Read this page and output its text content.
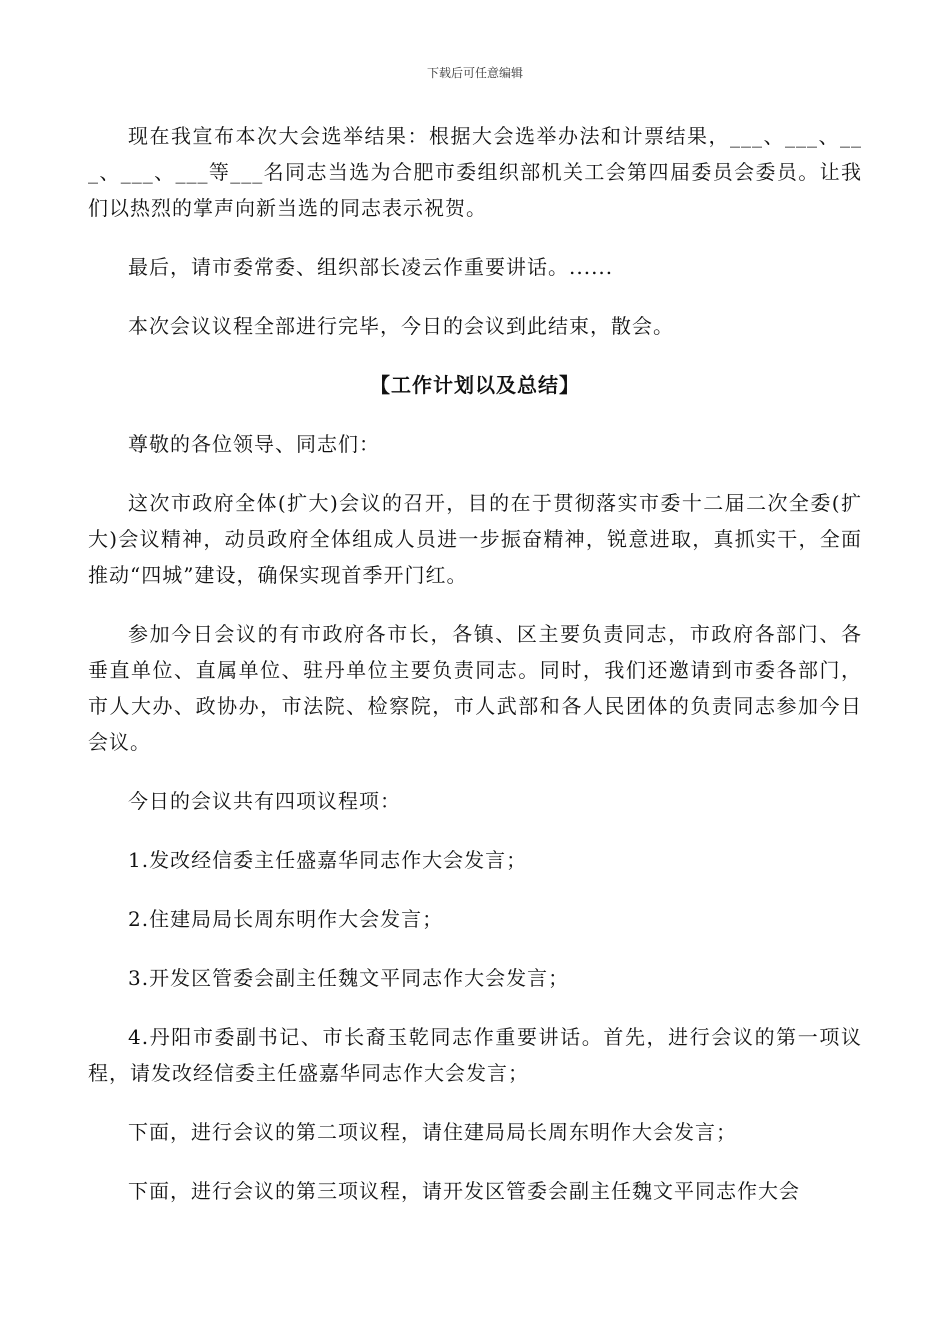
下载后可任意编辑

现在我宣布本次大会选举结果：根据大会选举办法和计票结果，___、___、___、___、___等___名同志当选为合肥市委组织部机关工会第四届委员会委员。让我们以热烈的掌声向新当选的同志表示祝贺。

最后，请市委常委、组织部长凌云作重要讲话。......

本次会议议程全部进行完毕，今日的会议到此结束，散会。

【工作计划以及总结】

尊敬的各位领导、同志们：

这次市政府全体(扩大)会议的召开，目的在于贯彻落实市委十二届二次全委(扩大)会议精神，动员政府全体组成人员进一步振奋精神，锐意进取，真抓实干，全面推动“四城”建设，确保实现首季开门红。

参加今日会议的有市政府各市长，各镇、区主要负责同志，市政府各部门、各垂直单位、直属单位、驻丹单位主要负责同志。同时，我们还邀请到市委各部门，市人大办、政协办，市法院、检察院，市人武部和各人民团体的负责同志参加今日会议。

今日的会议共有四项议程项：

1.发改经信委主任盛嘉华同志作大会发言；

2.住建局局长周东明作大会发言；

3.开发区管委会副主任魏文平同志作大会发言；

4.丹阳市委副书记、市长裔玉乾同志作重要讲话。首先，进行会议的第一项议程，请发改经信委主任盛嘉华同志作大会发言；

下面，进行会议的第二项议程，请住建局局长周东明作大会发言；

下面，进行会议的第三项议程，请开发区管委会副主任魏文平同志作大会
